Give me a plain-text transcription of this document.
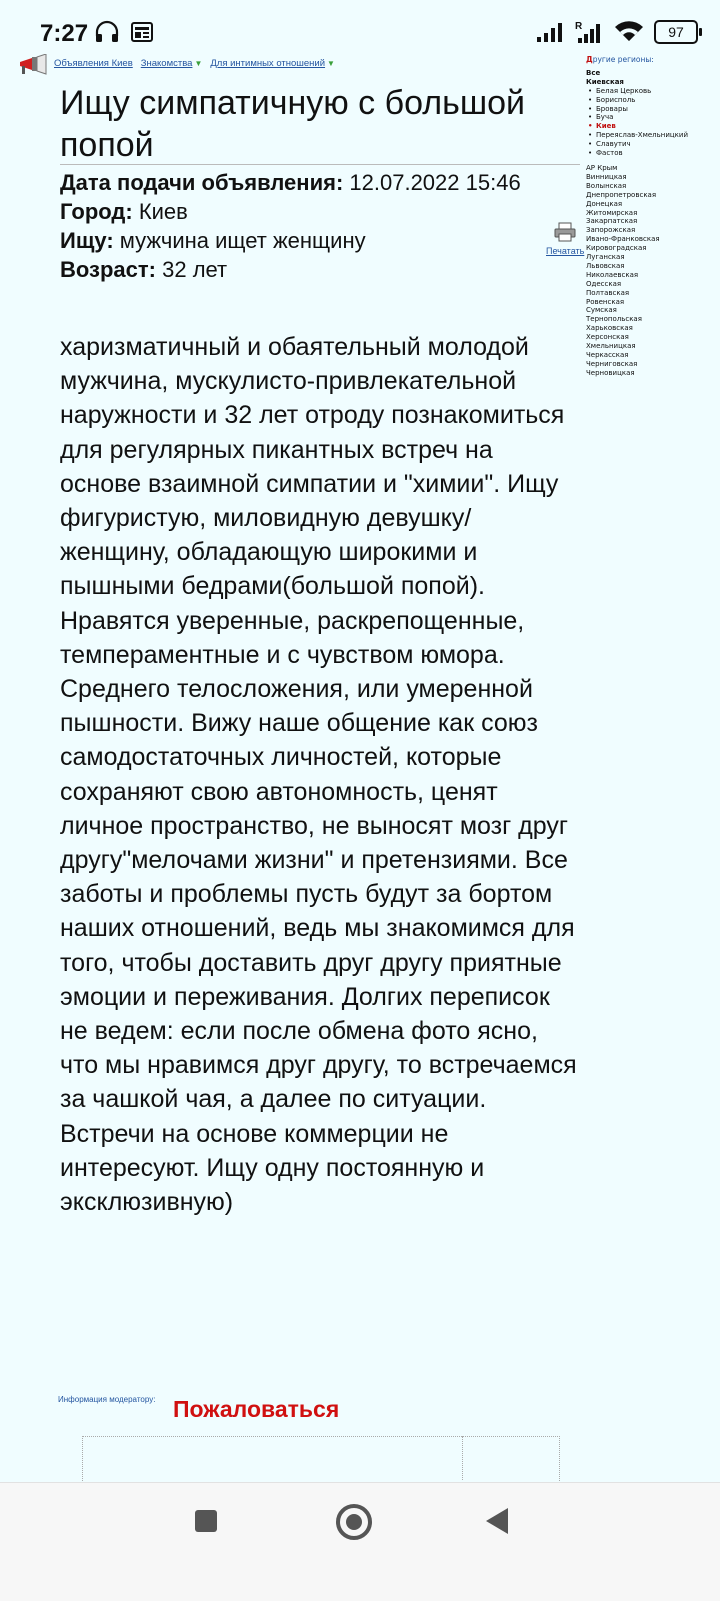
7:27	R	97
Объявления Киев Знакомства ▼ Для интимных отношений ▼
Ищу симпатичную с большой попой
Дата подачи объявления: 12.07.2022 15:46
Город: Киев
Ищу: мужчина ищет женщину
Возраст: 32 лет
Печатать
харизматичный и обаятельный молодой мужчина, мускулисто-привлекательной наружности и 32 лет отроду познакомиться для регулярных пикантных встреч на основе взаимной симпатии и "химии". Ищу фигуристую, миловидную девушку/женщину, обладающую широкими и пышными бедрами(большой попой). Нравятся уверенные, раскрепощенные, темпераментные и с чувством юмора. Среднего телосложения, или умеренной пышности. Вижу наше общение как союз самодостаточных личностей, которые сохраняют свою автономность, ценят личное пространство, не выносят мозг друг другу"мелочами жизни" и претензиями. Все заботы и проблемы пусть будут за бортом наших отношений, ведь мы знакомимся для того, чтобы доставить друг другу приятные эмоции и переживания. Долгих переписок не ведем: если после обмена фото ясно, что мы нравимся друг другу, то встречаемся за чашкой чая, а далее по ситуации. Встречи на основе коммерции не интересуют. Ищу одну постоянную и эксклюзивную)
Информация модератору: Пожаловаться
Другие регионы:
Все
Киевская
• Белая Церковь
• Борисполь
• Бровары
• Буча
• Киев
• Переяслав-Хмельницкий
• Славутич
• Фастов
АР Крым
Винницкая
Волынская
Днепропетровская
Донецкая
Житомирская
Закарпатская
Запорожская
Ивано-Франковская
Кировоградская
Луганская
Львовская
Николаевская
Одесская
Полтавская
Ровенская
Сумская
Тернопольская
Харьковская
Херсонская
Хмельницкая
Черкасская
Черниговская
Черновицкая
